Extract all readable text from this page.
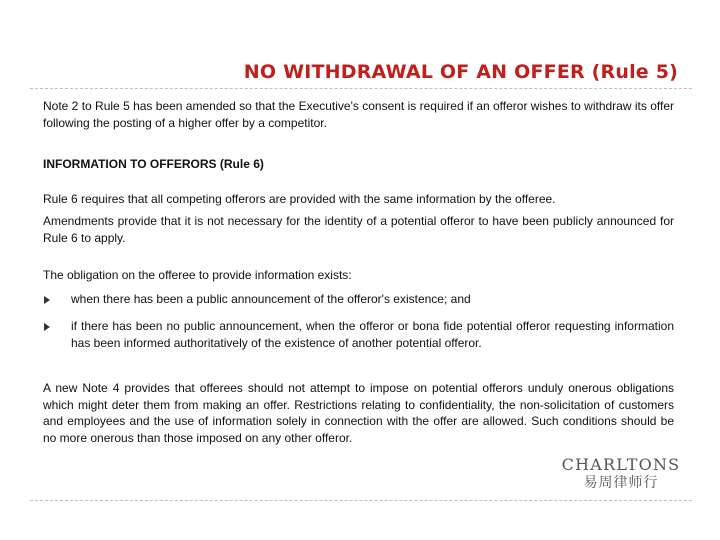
NO WITHDRAWAL OF AN OFFER (Rule 5)

Note 2 to Rule 5 has been amended so that the Executive's consent is required if an offeror wishes to withdraw its offer following the posting of a higher offer by a competitor.

INFORMATION TO OFFERORS (Rule 6)

Rule 6 requires that all competing offerors are provided with the same information by the offeree.

Amendments provide that it is not necessary for the identity of a potential offeror to have been publicly announced for Rule 6 to apply.

The obligation on the offeree to provide information exists:

when there has been a public announcement of the offeror's existence; and

if there has been no public announcement, when the offeror or bona fide potential offeror requesting information has been informed authoritatively of the existence of another potential offeror.

A new Note 4 provides that offerees should not attempt to impose on potential offerors unduly onerous obligations which might deter them from making an offer. Restrictions relating to confidentiality, the non-solicitation of customers and employees and the use of information solely in connection with the offer are allowed. Such conditions should be no more onerous than those imposed on any other offeror.

CHARLTONS
易周律师行
